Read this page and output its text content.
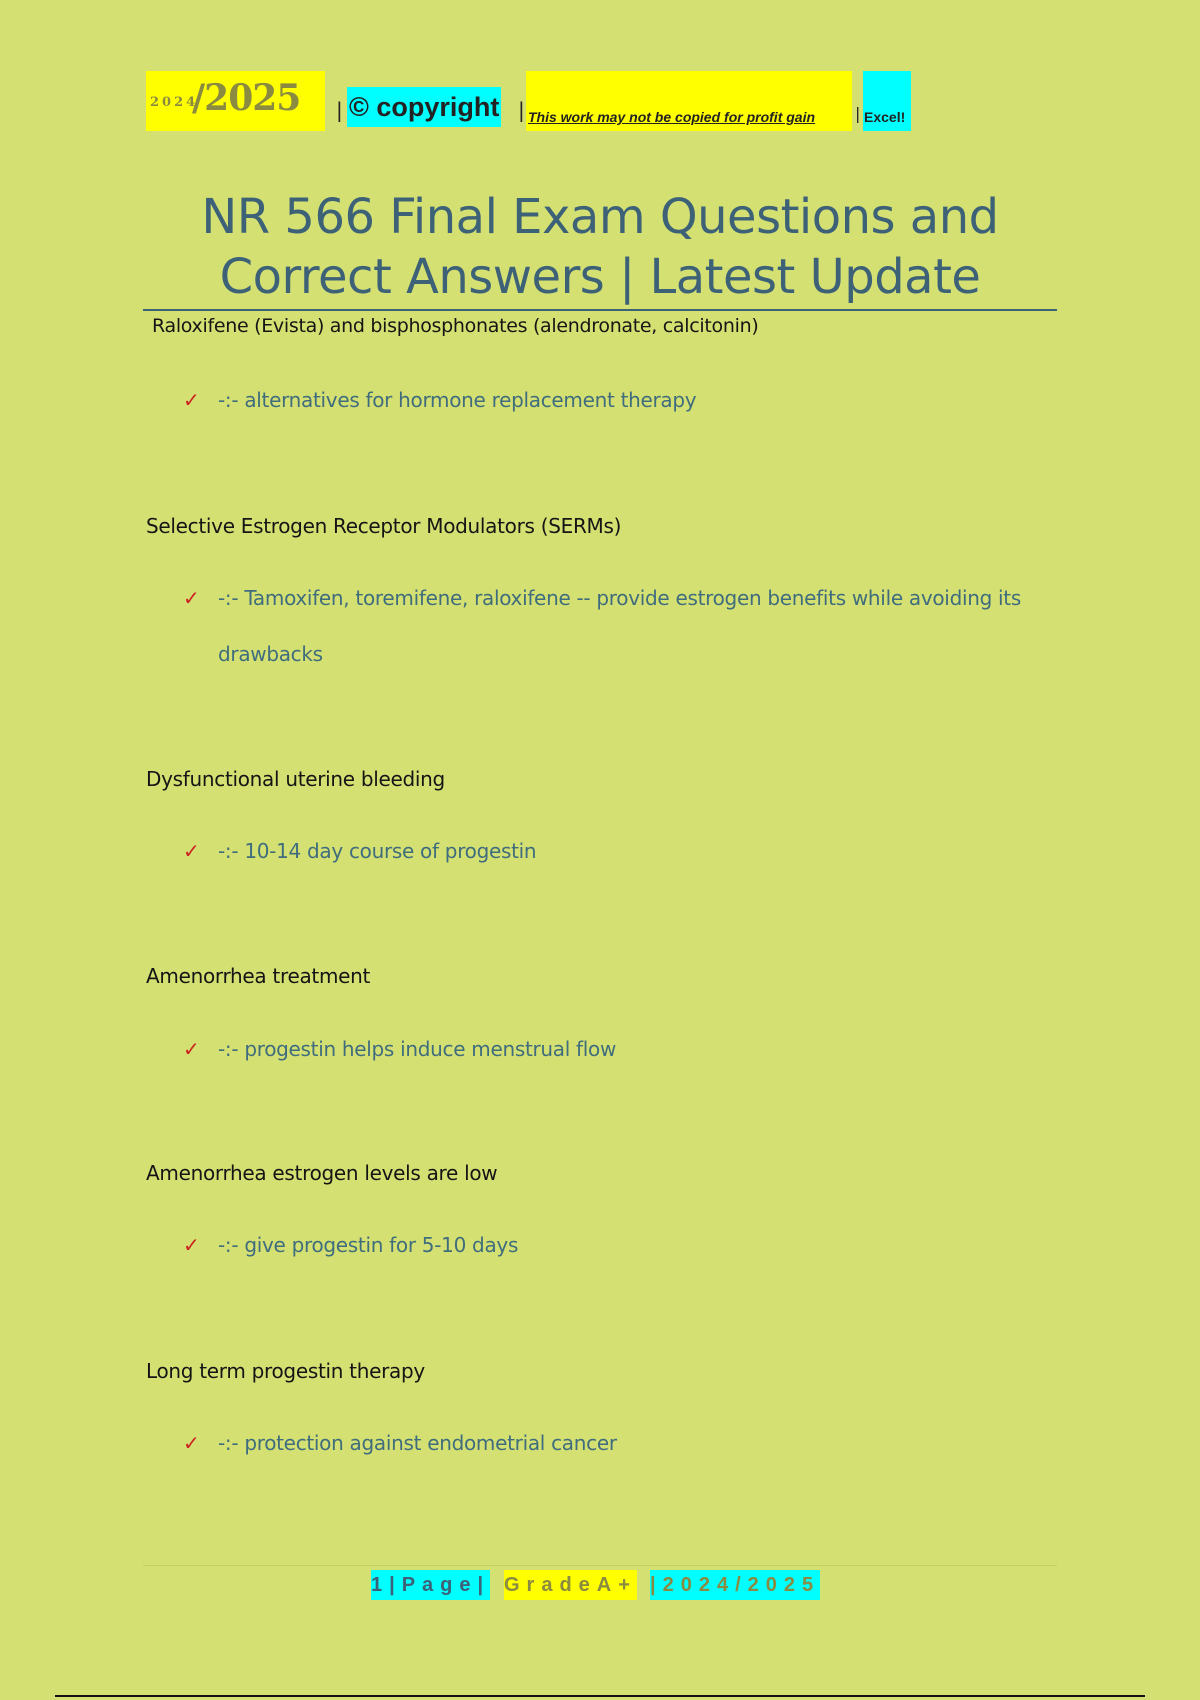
2024
/2025 | © copyright | This work may not be copied for profit gain | Excel!
NR 566 Final Exam Questions and
Correct Answers | Latest Update
Raloxifene (Evista) and bisphosphonates (alendronate, calcitonin)
✓ -:- alternatives for hormone replacement therapy
Selective Estrogen Receptor Modulators (SERMs)
✓ -:- Tamoxifen, toremifene, raloxifene -- provide estrogen benefits while avoiding its drawbacks
Dysfunctional uterine bleeding
✓ -:- 10-14 day course of progestin
Amenorrhea treatment
✓ -:- progestin helps induce menstrual flow
Amenorrhea estrogen levels are low
✓ -:- give progestin for 5-10 days
Long term progestin therapy
✓ -:- protection against endometrial cancer
1|Page| GradeA+ |2024/2025
